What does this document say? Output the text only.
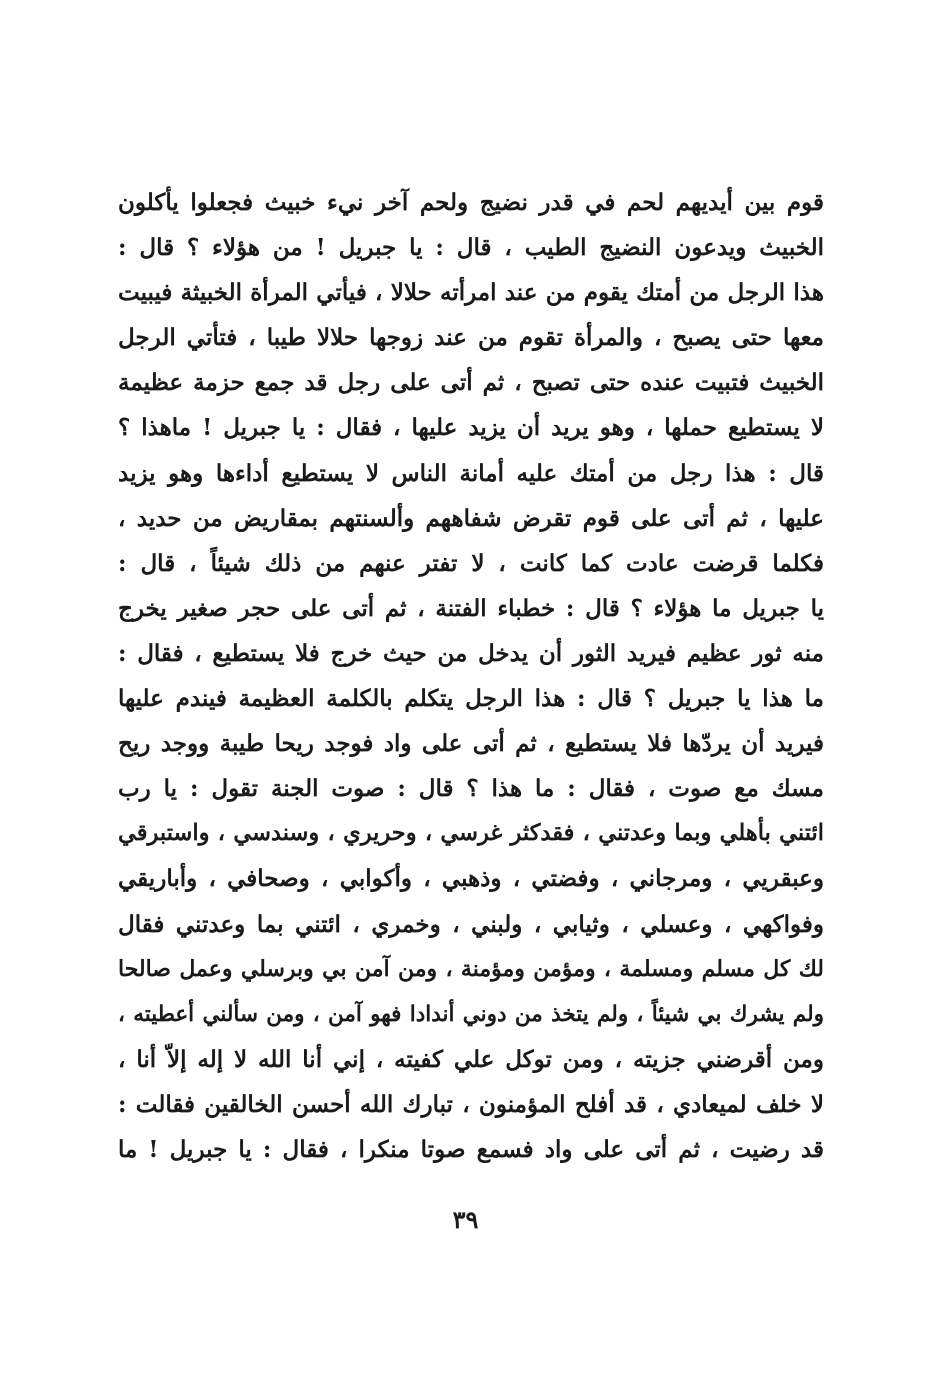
قوم بين أيديهم لحم في قدر نضيج ولحم آخر نيء خبيث فجعلوا يأكلون
الخبيث ويدعون النضيج الطيب ، قال : يا جبريل ! من هؤلاء ؟ قال :
هذا الرجل من أمتك يقوم من عند امرأته حلالا ، فيأتي المرأة الخبيثة فيبيت
معها حتى يصبح ، والمرأة تقوم من عند زوجها حلالا طيبا ، فتأتي الرجل
الخبيث فتبيت عنده حتى تصبح ، ثم أتى على رجل قد جمع حزمة عظيمة
لا يستطيع حملها ، وهو يريد أن يزيد عليها ، فقال : يا جبريل ! ماهذا ؟
قال : هذا رجل من أمتك عليه أمانة الناس لا يستطيع أداءها وهو يزيد
عليها ، ثم أتى على قوم تقرض شفاههم وألسنتهم بمقاريض من حديد ،
فكلما قرضت عادت كما كانت ، لا تفتر عنهم من ذلك شيئاً ، قال :
يا جبريل ما هؤلاء ؟ قال : خطباء الفتنة ، ثم أتى على حجر صغير يخرج
منه ثور عظيم فيريد الثور أن يدخل من حيث خرج فلا يستطيع ، فقال :
ما هذا يا جبريل ؟ قال : هذا الرجل يتكلم بالكلمة العظيمة فيندم عليها
فيريد أن يردّها فلا يستطيع ، ثم أتى على واد فوجد ريحا طيبة ووجد ريح
مسك مع صوت ، فقال : ما هذا ؟ قال : صوت الجنة تقول : يا رب
ائتني بأهلي وبما وعدتني ، فقدكثر غرسي ، وحريري ، وسندسي ، واستبرقي
وعبقريي ، ومرجاني ، وفضتي ، وذهبي ، وأكوابي ، وصحافي ، وأباريقي
وفواكهي ، وعسلي ، وثيابي ، ولبني ، وخمري ، ائتني بما وعدتني فقال
لك كل مسلم ومسلمة ، ومؤمن ومؤمنة ، ومن آمن بي وبرسلي وعمل صالحا
ولم يشرك بي شيئاً ، ولم يتخذ من دوني أندادا فهو آمن ، ومن سألني أعطيته ،
ومن أقرضني جزيته ، ومن توكل علي كفيته ، إني أنا الله لا إله إلاّ أنا ،
لا خلف لميعادي ، قد أفلح المؤمنون ، تبارك الله أحسن الخالقين فقالت :
قد رضيت ، ثم أتى على واد فسمع صوتا منكرا ، فقال : يا جبريل ! ما
٣٩
